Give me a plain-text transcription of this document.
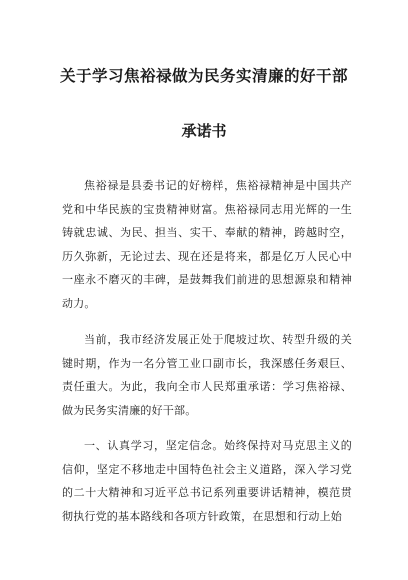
关于学习焦裕禄做为民务实清廉的好干部
承诺书

焦裕禄是县委书记的好榜样，焦裕禄精神是中国共产党和中华民族的宝贵精神财富。焦裕禄同志用光辉的一生铸就忠诚、为民、担当、实干、奉献的精神，跨越时空，历久弥新，无论过去、现在还是将来，都是亿万人民心中一座永不磨灭的丰碑，是鼓舞我们前进的思想源泉和精神动力。

当前，我市经济发展正处于爬坡过坎、转型升级的关键时期，作为一名分管工业口副市长，我深感任务艰巨、责任重大。为此，我向全市人民郑重承诺：学习焦裕禄、做为民务实清廉的好干部。

一、认真学习，坚定信念。始终保持对马克思主义的信仰，坚定不移地走中国特色社会主义道路，深入学习党的二十大精神和习近平总书记系列重要讲话精神，模范贯彻执行党的基本路线和各项方针政策，在思想和行动上始
